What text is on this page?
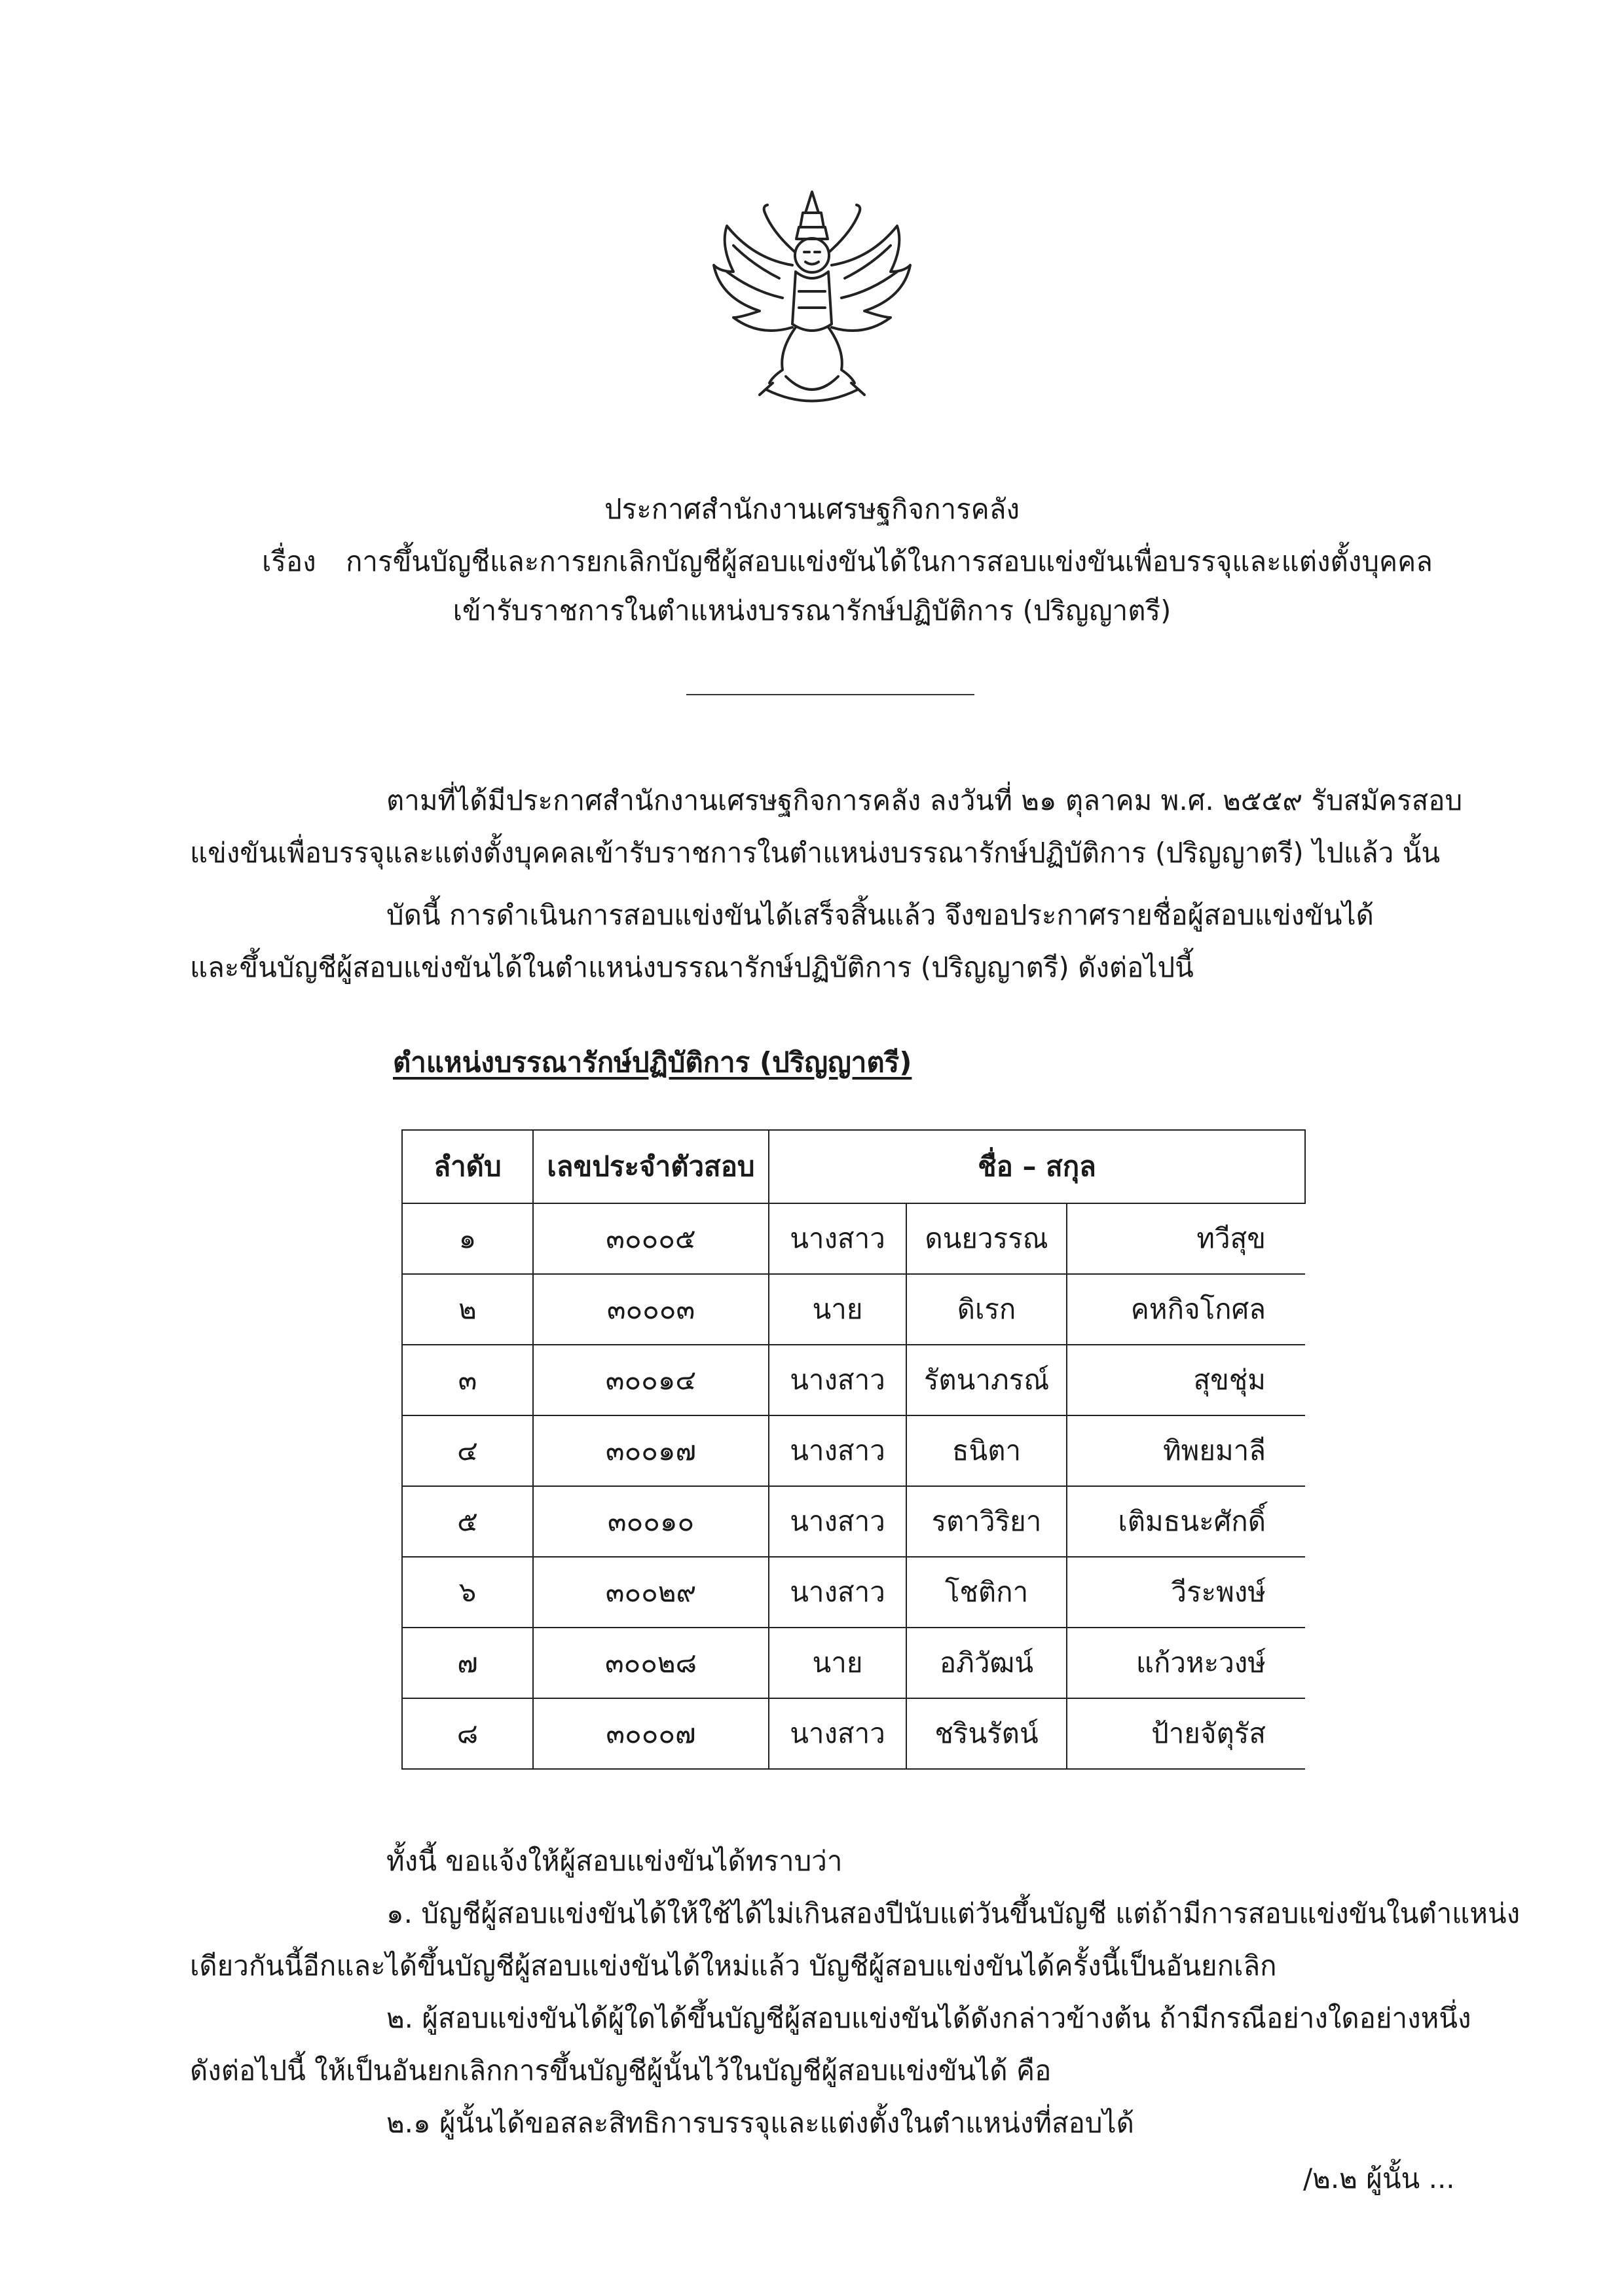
ประกาศสำนักงานเศรษฐกิจการคลัง
เรื่อง การขึ้นบัญชีและการยกเลิกบัญชีผู้สอบแข่งขันได้ในการสอบแข่งขันเพื่อบรรจุและแต่งตั้งบุคคล
เข้ารับราชการในตำแหน่งบรรณารักษ์ปฏิบัติการ (ปริญญาตรี)
ตามที่ได้มีประกาศสำนักงานเศรษฐกิจการคลัง ลงวันที่ ๒๑ ตุลาคม พ.ศ. ๒๕๕๙ รับสมัครสอบ
แข่งขันเพื่อบรรจุและแต่งตั้งบุคคลเข้ารับราชการในตำแหน่งบรรณารักษ์ปฏิบัติการ (ปริญญาตรี) ไปแล้ว นั้น
บัดนี้ การดำเนินการสอบแข่งขันได้เสร็จสิ้นแล้ว จึงขอประกาศรายชื่อผู้สอบแข่งขันได้
และขึ้นบัญชีผู้สอบแข่งขันได้ในตำแหน่งบรรณารักษ์ปฏิบัติการ (ปริญญาตรี) ดังต่อไปนี้
ตำแหน่งบรรณารักษ์ปฏิบัติการ (ปริญญาตรี)
ลำดับ	เลขประจำตัวสอบ	ชื่อ – สกุล		
๑	๓๐๐๐๕	นางสาว	ดนยวรรณ	ทวีสุข
๒	๓๐๐๐๓	นาย	ดิเรก	คหกิจโกศล
๓	๓๐๐๑๔	นางสาว	รัตนาภรณ์	สุขชุ่ม
๔	๓๐๐๑๗	นางสาว	ธนิตา	ทิพยมาลี
๕	๓๐๐๑๐	นางสาว	รตาวิริยา	เติมธนะศักดิ์
๖	๓๐๐๒๙	นางสาว	โชติกา	วีระพงษ์
๗	๓๐๐๒๘	นาย	อภิวัฒน์	แก้วหะวงษ์
๘	๓๐๐๐๗	นางสาว	ชรินรัตน์	ป้ายจัตุรัส
ทั้งนี้ ขอแจ้งให้ผู้สอบแข่งขันได้ทราบว่า
๑. บัญชีผู้สอบแข่งขันได้ให้ใช้ได้ไม่เกินสองปีนับแต่วันขึ้นบัญชี แต่ถ้ามีการสอบแข่งขันในตำแหน่ง
เดียวกันนี้อีกและได้ขึ้นบัญชีผู้สอบแข่งขันได้ใหม่แล้ว บัญชีผู้สอบแข่งขันได้ครั้งนี้เป็นอันยกเลิก
๒. ผู้สอบแข่งขันได้ผู้ใดได้ขึ้นบัญชีผู้สอบแข่งขันได้ดังกล่าวข้างต้น ถ้ามีกรณีอย่างใดอย่างหนึ่ง
ดังต่อไปนี้ ให้เป็นอันยกเลิกการขึ้นบัญชีผู้นั้นไว้ในบัญชีผู้สอบแข่งขันได้ คือ
๒.๑ ผู้นั้นได้ขอสละสิทธิการบรรจุและแต่งตั้งในตำแหน่งที่สอบได้
/๒.๒ ผู้นั้น ...
